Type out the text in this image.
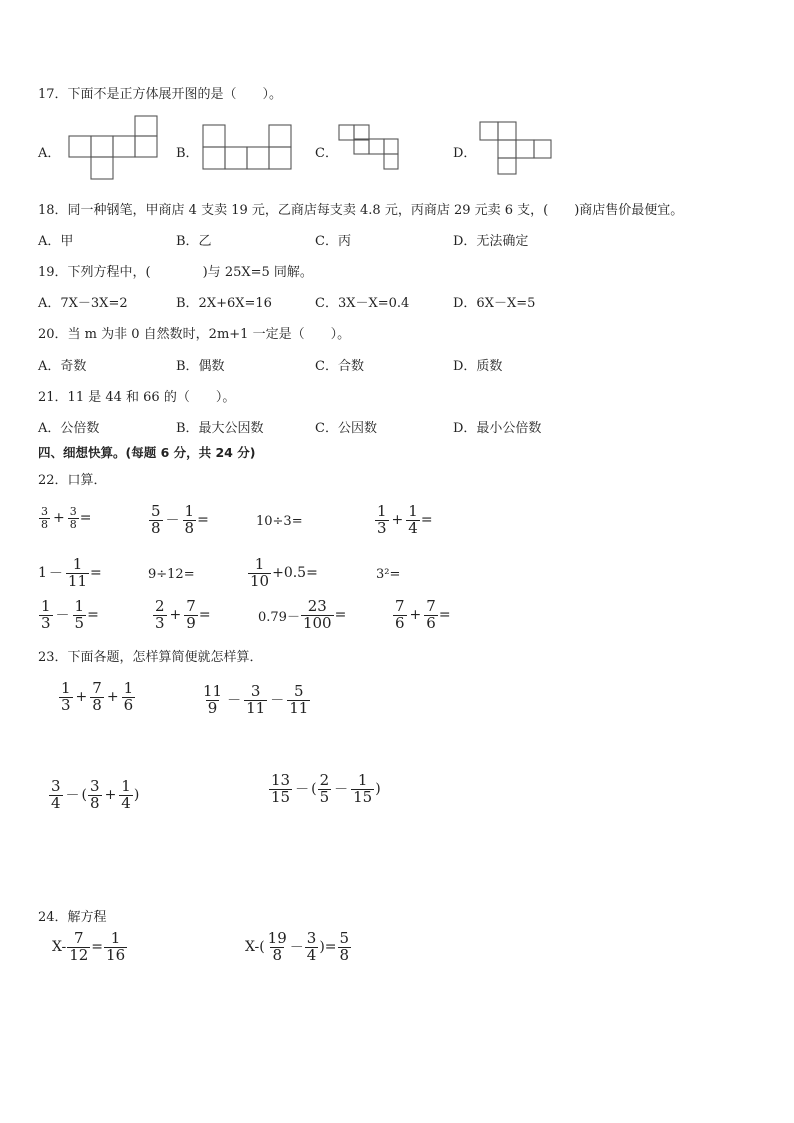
17．下面不是正方体展开图的是（　　）。
A．	B．	C．	D．
18．同一种钢笔，甲商店 4 支卖 19 元，乙商店每支卖 4.8 元，丙商店 29 元卖 6 支，(　　)商店售价最便宜。
A．甲	B．乙	C．丙	D．无法确定
19．下列方程中，(　　　　)与 25X=5 同解。
A．7X－3X=2	B．2X+6X=16	C．3X－X=0.4	D．6X－X=5
20．当 m 为非 0 自然数时，2m+1 一定是（　　）。
A．奇数	B．偶数	C．合数	D．质数
21．11 是 44 和 66 的（　　）。
A．公倍数	B．最大公因数	C．公因数	D．最小公倍数
四、细想快算。(每题 6 分，共 24 分)
22．口算．
$\frac{3}{8} + \frac{3}{8}$ =	$\frac{5}{8} - \frac{1}{8}$ =	10÷3=	$\frac{1}{3} + \frac{1}{4}$ =
$1 - \frac{1}{11}$ =	9÷12=	$\frac{1}{10} +0.5=$	3²=
$\frac{1}{3} - \frac{1}{5}$ =	$\frac{2}{3} + \frac{7}{9}$ =	$0.79- \frac{23}{100}$ =	$\frac{7}{6} + \frac{7}{6}$ =
23．下面各题，怎样算简便就怎样算．
$\frac{1}{3} + \frac{7}{8} + \frac{1}{6}$	$\frac{11}{9} - \frac{3}{11} - \frac{5}{11}$
$\frac{3}{4}$ － ( $\frac{3}{8} + \frac{1}{4}$ )	$\frac{13}{15}$ － ( $\frac{2}{5} - \frac{1}{15}$ )
24．解方程
$X- \frac{7}{12} = \frac{1}{16}$	$X-( \frac{19}{8} - \frac{3}{4}$ )= $\frac{5}{8}$
